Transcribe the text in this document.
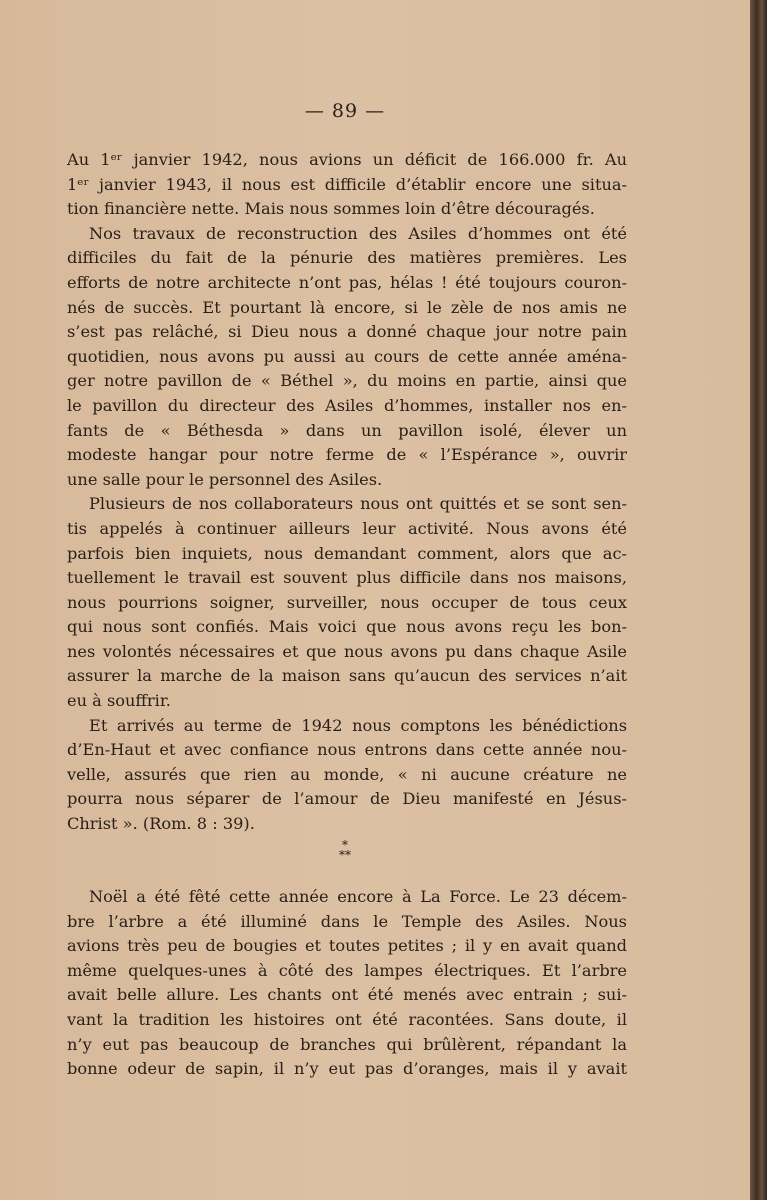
— 89 —
Au 1ᵉʳ janvier 1942, nous avions un déficit de 166.000 fr. Au
1ᵉʳ janvier 1943, il nous est difficile d’établir encore une situa-
tion financière nette. Mais nous sommes loin d’être découragés.
Nos travaux de reconstruction des Asiles d’hommes ont été
difficiles du fait de la pénurie des matières premières. Les
efforts de notre architecte n’ont pas, hélas ! été toujours couron-
nés de succès. Et pourtant là encore, si le zèle de nos amis ne
s’est pas relâché, si Dieu nous a donné chaque jour notre pain
quotidien, nous avons pu aussi au cours de cette année aména-
ger notre pavillon de « Béthel », du moins en partie, ainsi que
le pavillon du directeur des Asiles d’hommes, installer nos en-
fants de « Béthesda » dans un pavillon isolé, élever un
modeste hangar pour notre ferme de « l’Espérance », ouvrir
une salle pour le personnel des Asiles.
Plusieurs de nos collaborateurs nous ont quittés et se sont sen-
tis appelés à continuer ailleurs leur activité. Nous avons été
parfois bien inquiets, nous demandant comment, alors que ac-
tuellement le travail est souvent plus difficile dans nos maisons,
nous pourrions soigner, surveiller, nous occuper de tous ceux
qui nous sont confiés. Mais voici que nous avons reçu les bon-
nes volontés nécessaires et que nous avons pu dans chaque Asile
assurer la marche de la maison sans qu’aucun des services n’ait
eu à souffrir.
Et arrivés au terme de 1942 nous comptons les bénédictions
d’En-Haut et avec confiance nous entrons dans cette année nou-
velle, assurés que rien au monde, « ni aucune créature ne
pourra nous séparer de l’amour de Dieu manifesté en Jésus-
Christ ». (Rom. 8 : 39).
*
**
Noël a été fêté cette année encore à La Force. Le 23 décem-
bre l’arbre a été illuminé dans le Temple des Asiles. Nous
avions très peu de bougies et toutes petites ; il y en avait quand
même quelques-unes à côté des lampes électriques. Et l’arbre
avait belle allure. Les chants ont été menés avec entrain ; sui-
vant la tradition les histoires ont été racontées. Sans doute, il
n’y eut pas beaucoup de branches qui brûlèrent, répandant la
bonne odeur de sapin, il n’y eut pas d’oranges, mais il y avait
